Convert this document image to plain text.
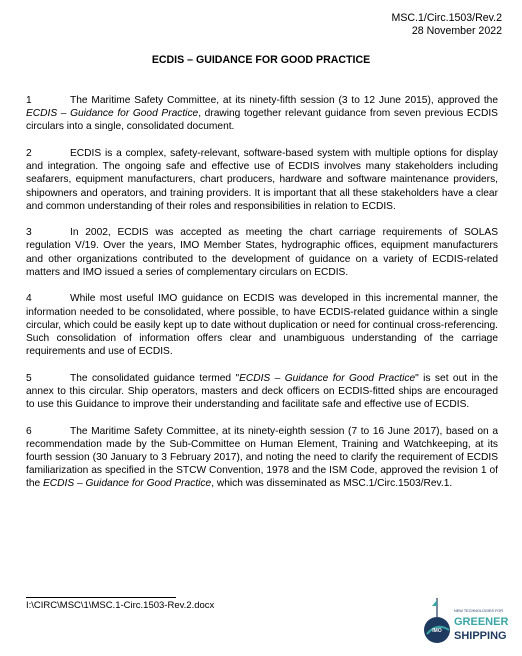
MSC.1/Circ.1503/Rev.2
28 November 2022
ECDIS – GUIDANCE FOR GOOD PRACTICE

1	The Maritime Safety Committee, at its ninety-fifth session (3 to 12 June 2015), approved the ECDIS – Guidance for Good Practice, drawing together relevant guidance from seven previous ECDIS circulars into a single, consolidated document.

2	ECDIS is a complex, safety-relevant, software-based system with multiple options for display and integration. The ongoing safe and effective use of ECDIS involves many stakeholders including seafarers, equipment manufacturers, chart producers, hardware and software maintenance providers, shipowners and operators, and training providers. It is important that all these stakeholders have a clear and common understanding of their roles and responsibilities in relation to ECDIS.

3	In 2002, ECDIS was accepted as meeting the chart carriage requirements of SOLAS regulation V/19. Over the years, IMO Member States, hydrographic offices, equipment manufacturers and other organizations contributed to the development of guidance on a variety of ECDIS-related matters and IMO issued a series of complementary circulars on ECDIS.

4	While most useful IMO guidance on ECDIS was developed in this incremental manner, the information needed to be consolidated, where possible, to have ECDIS-related guidance within a single circular, which could be easily kept up to date without duplication or need for continual cross-referencing. Such consolidation of information offers clear and unambiguous understanding of the carriage requirements and use of ECDIS.

5	The consolidated guidance termed "ECDIS – Guidance for Good Practice" is set out in the annex to this circular. Ship operators, masters and deck officers on ECDIS-fitted ships are encouraged to use this Guidance to improve their understanding and facilitate safe and effective use of ECDIS.

6	The Maritime Safety Committee, at its ninety-eighth session (7 to 16 June 2017), based on a recommendation made by the Sub-Committee on Human Element, Training and Watchkeeping, at its fourth session (30 January to 3 February 2017), and noting the need to clarify the requirement of ECDIS familiarization as specified in the STCW Convention, 1978 and the ISM Code, approved the revision 1 of the ECDIS – Guidance for Good Practice, which was disseminated as MSC.1/Circ.1503/Rev.1.

I:\CIRC\MSC\1\MSC.1-Circ.1503-Rev.2.docx
IMO
NEW TECHNOLOGIES FOR
GREENER
SHIPPING
